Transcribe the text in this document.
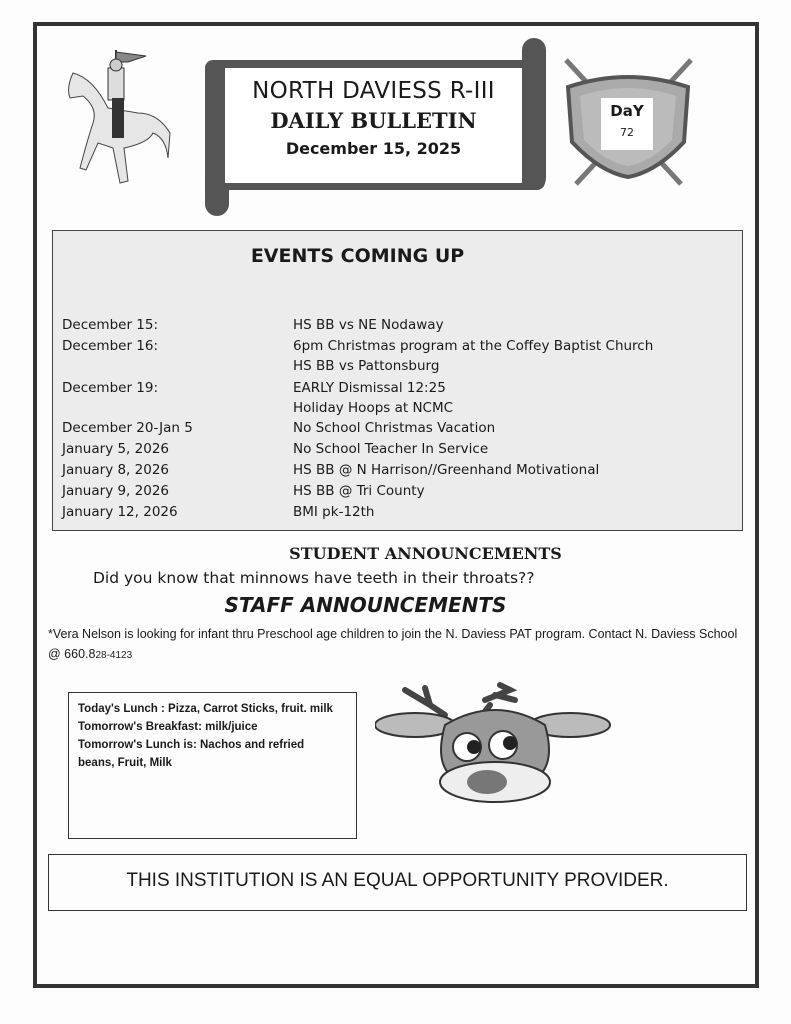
NORTH DAVIESS R-III
DAILY BULLETIN
December 15, 2025
DaY
72
EVENTS COMING UP
December 15:	HS BB vs NE Nodaway
December 16:	6pm Christmas program at the Coffey Baptist Church
HS BB vs Pattonsburg
December 19:	EARLY Dismissal 12:25
Holiday Hoops at NCMC
December 20-Jan 5	No School Christmas Vacation
January 5, 2026	No School Teacher In Service
January 8, 2026	HS BB @ N Harrison//Greenhand Motivational
January 9, 2026	HS BB @ Tri County
January 12, 2026	BMI pk-12th
STUDENT ANNOUNCEMENTS
Did you know that minnows have teeth in their throats??
STAFF ANNOUNCEMENTS
*Vera Nelson is looking for infant thru Preschool age children to join the N. Daviess PAT program. Contact N. Daviess School @ 660.828-4123
Today's Lunch : Pizza, Carrot Sticks, fruit. milk
Tomorrow's Breakfast: milk/juice
Tomorrow's Lunch is: Nachos and refried beans, Fruit, Milk
THIS INSTITUTION IS AN EQUAL OPPORTUNITY PROVIDER.
